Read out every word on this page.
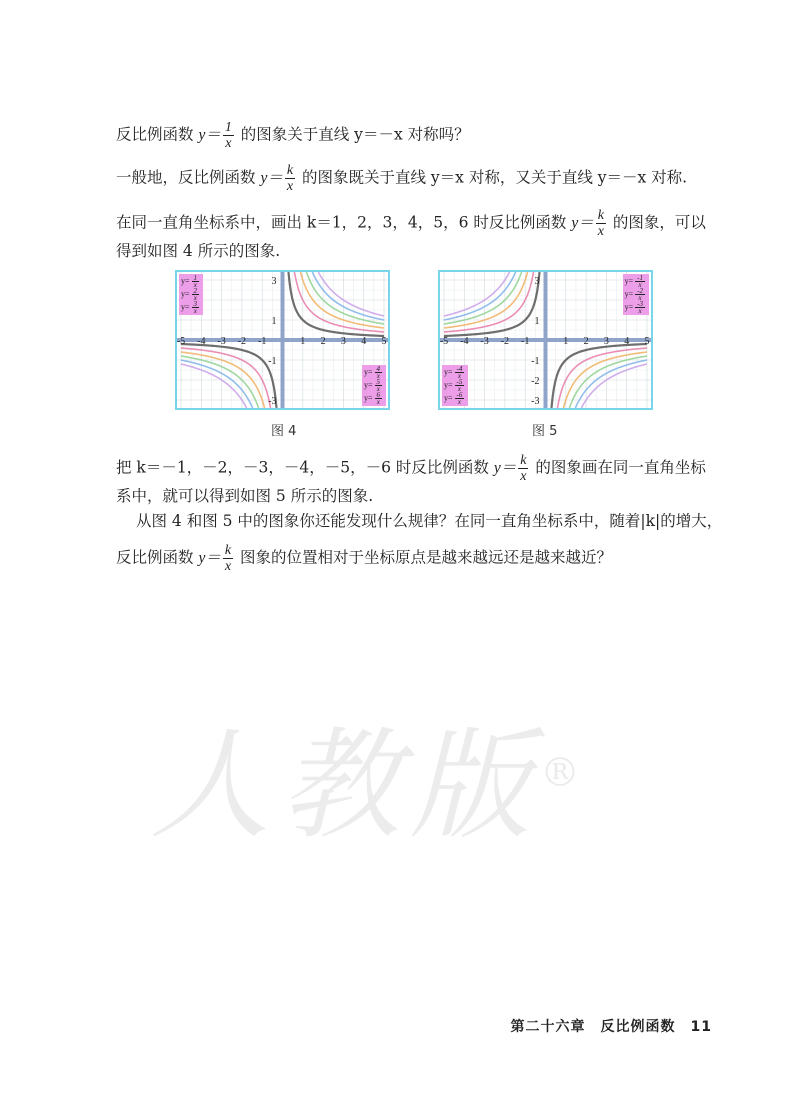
反比例函数 $y= \frac{1}{x}$ 的图象关于直线 y＝－x 对称吗？
一般地，反比例函数 $y= \frac{k}{x}$ 的图象既关于直线 y＝x 对称，又关于直线 y＝－x 对称.
在同一直角坐标系中，画出 k＝1，2，3，4，5，6 时反比例函数 $y= \frac{k}{x}$ 的图象，可以
得到如图 4 所示的图象.
-5 -4 -3 -2 -1	1 2 3 4 5
3
1
-1
-3
$y= \frac{1}{x}$
$y= \frac{2}{x}$
$y= \frac{3}{x}$
$y= \frac{4}{x}$
$y= \frac{5}{x}$
$y= \frac{6}{x}$
图 4
-5 -4 -3 -2 -1	1 2 3 4 5
3
1
-1
-2
-3
$y= \frac{-1}{x}$
$y= \frac{-2}{x}$
$y= \frac{-3}{x}$
$y= \frac{-4}{x}$
$y= \frac{-5}{x}$
$y= \frac{-6}{x}$
图 5
把 k＝－1，－2，－3，－4，－5，－6 时反比例函数 $y= \frac{k}{x}$ 的图象画在同一直角坐标
系中，就可以得到如图 5 所示的图象.
从图 4 和图 5 中的图象你还能发现什么规律？在同一直角坐标系中，随着|k|的增大，
反比例函数 $y= \frac{k}{x}$ 图象的位置相对于坐标原点是越来越远还是越来越近？
人教版®
第二十六章　反比例函数　11
